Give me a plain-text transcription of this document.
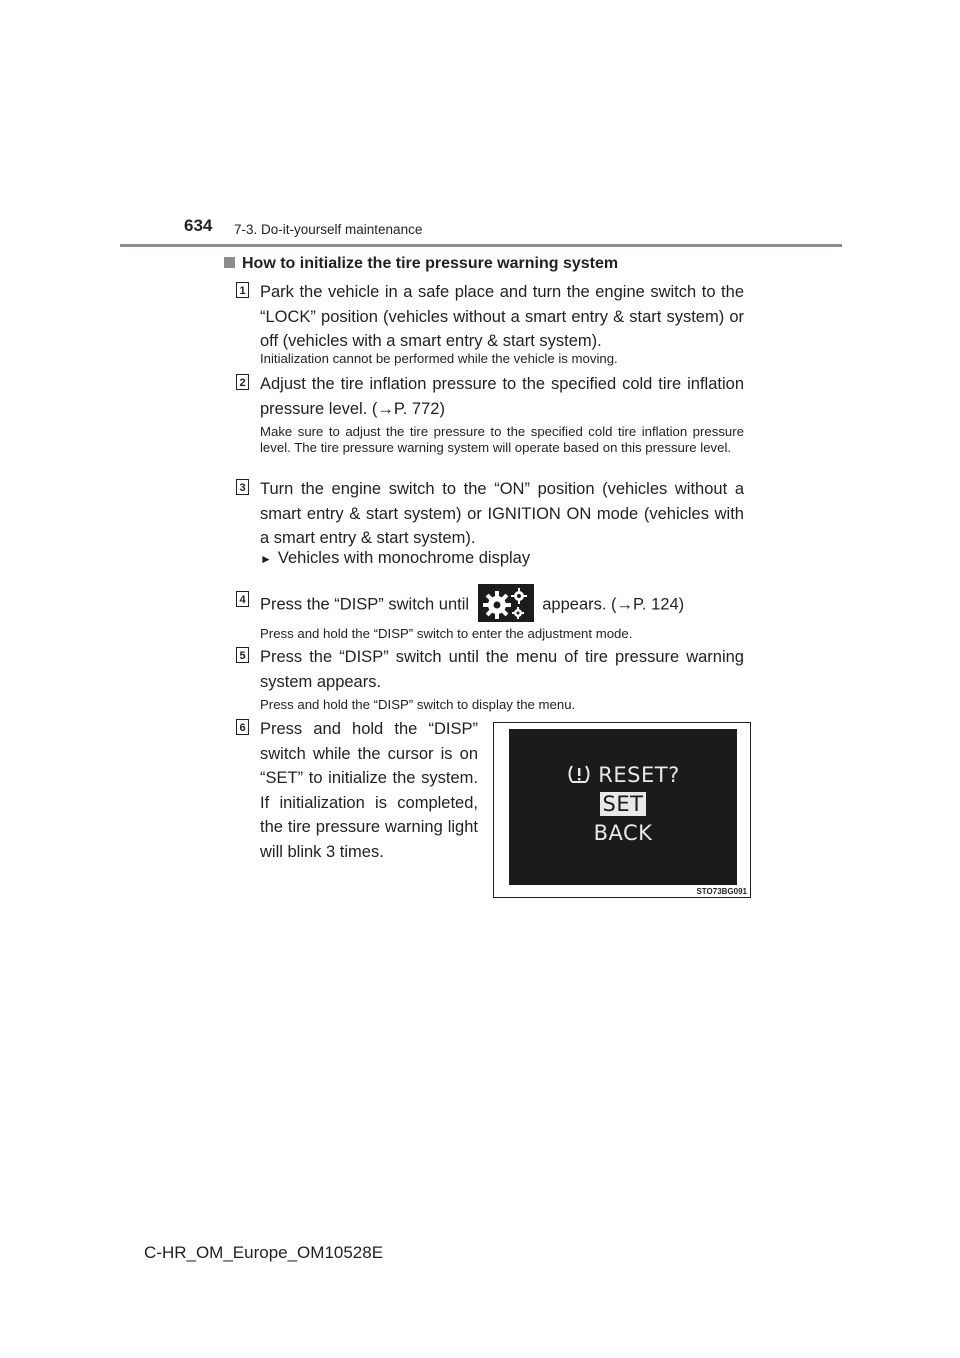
634 7-3. Do-it-yourself maintenance
How to initialize the tire pressure warning system
1 Park the vehicle in a safe place and turn the engine switch to the “LOCK” position (vehicles without a smart entry & start system) or off (vehicles with a smart entry & start system).
Initialization cannot be performed while the vehicle is moving.
2 Adjust the tire inflation pressure to the specified cold tire inflation pressure level. (→P. 772)
Make sure to adjust the tire pressure to the specified cold tire inflation pressure level. The tire pressure warning system will operate based on this pressure level.
3 Turn the engine switch to the “ON” position (vehicles without a smart entry & start system) or IGNITION ON mode (vehicles with a smart entry & start system).
► Vehicles with monochrome display
4 Press the “DISP” switch until	appears. (→P. 124)
Press and hold the “DISP” switch to enter the adjustment mode.
5 Press the “DISP” switch until the menu of tire pressure warning system appears.
Press and hold the “DISP” switch to display the menu.
6 Press and hold the “DISP” switch while the cursor is on “SET” to initialize the system. If initialization is completed, the tire pressure warning light will blink 3 times.
RESET?
SET
BACK
STO73BG091
C-HR_OM_Europe_OM10528E
